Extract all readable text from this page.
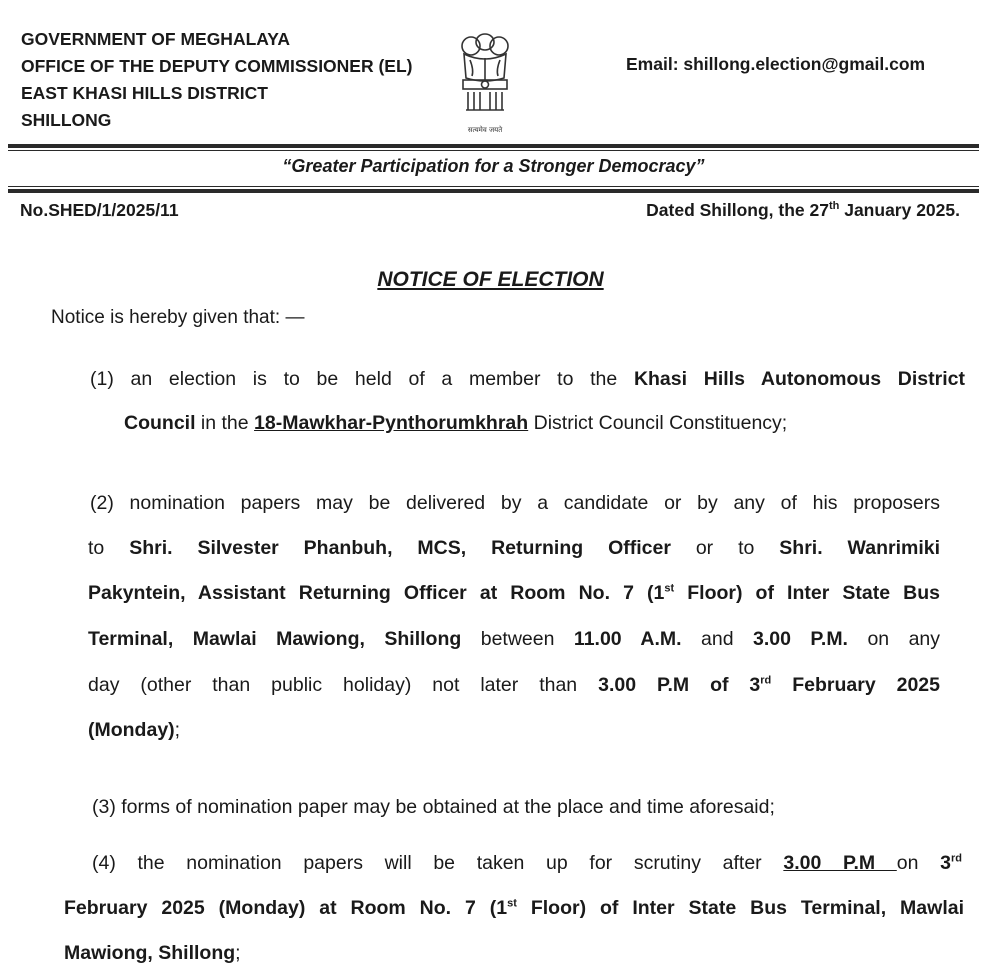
GOVERNMENT OF MEGHALAYA
OFFICE OF THE DEPUTY COMMISSIONER (EL)
EAST KHASI HILLS DISTRICT
SHILLONG	सत्यमेव जयते
Email: shillong.election@gmail.com
“Greater Participation for a Stronger Democracy”
No.SHED/1/2025/11	Dated Shillong, the 27th January 2025.
NOTICE OF ELECTION
Notice is hereby given that: —
(1) an election is to be held of a member to the Khasi Hills Autonomous District
Council in the 18-Mawkhar-Pynthorumkhrah District Council Constituency;
(2) nomination papers may be delivered by a candidate or by any of his proposers
to Shri. Silvester Phanbuh, MCS, Returning Officer or to Shri. Wanrimiki
Pakyntein, Assistant Returning Officer at Room No. 7 (1st Floor) of Inter State Bus
Terminal, Mawlai Mawiong, Shillong between 11.00 A.M. and 3.00 P.M. on any
day (other than public holiday) not later than 3.00 P.M of 3rd February 2025
(Monday);
(3) forms of nomination paper may be obtained at the place and time aforesaid;
(4) the nomination papers will be taken up for scrutiny after 3.00 P.M on 3rd
February 2025 (Monday) at Room No. 7 (1st Floor) of Inter State Bus Terminal, Mawlai
Mawiong, Shillong;
